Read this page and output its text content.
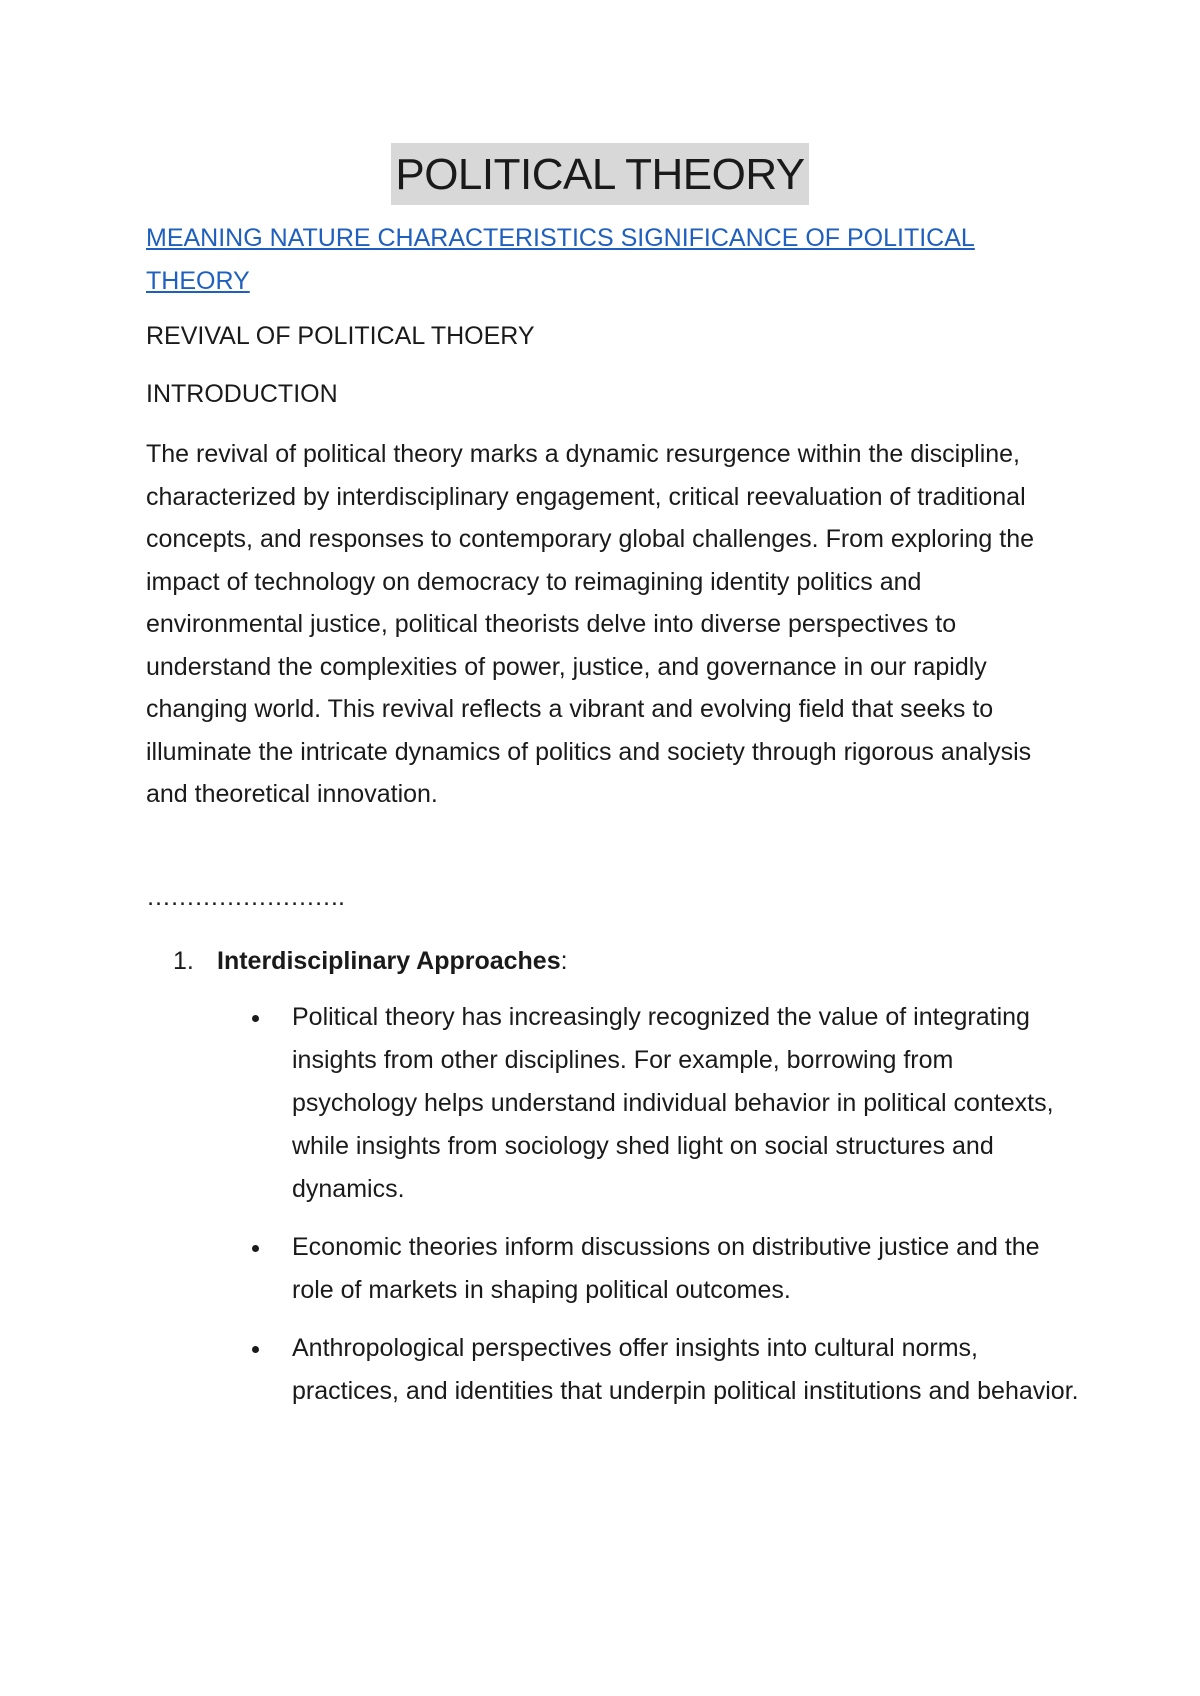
POLITICAL THEORY
MEANING NATURE CHARACTERISTICS SIGNIFICANCE OF POLITICAL THEORY
REVIVAL OF POLITICAL THOERY
INTRODUCTION
The revival of political theory marks a dynamic resurgence within the discipline, characterized by interdisciplinary engagement, critical reevaluation of traditional concepts, and responses to contemporary global challenges. From exploring the impact of technology on democracy to reimagining identity politics and environmental justice, political theorists delve into diverse perspectives to understand the complexities of power, justice, and governance in our rapidly changing world. This revival reflects a vibrant and evolving field that seeks to illuminate the intricate dynamics of politics and society through rigorous analysis and theoretical innovation.
…………………….
1. Interdisciplinary Approaches:
Political theory has increasingly recognized the value of integrating insights from other disciplines. For example, borrowing from psychology helps understand individual behavior in political contexts, while insights from sociology shed light on social structures and dynamics.
Economic theories inform discussions on distributive justice and the role of markets in shaping political outcomes.
Anthropological perspectives offer insights into cultural norms, practices, and identities that underpin political institutions and behavior.
